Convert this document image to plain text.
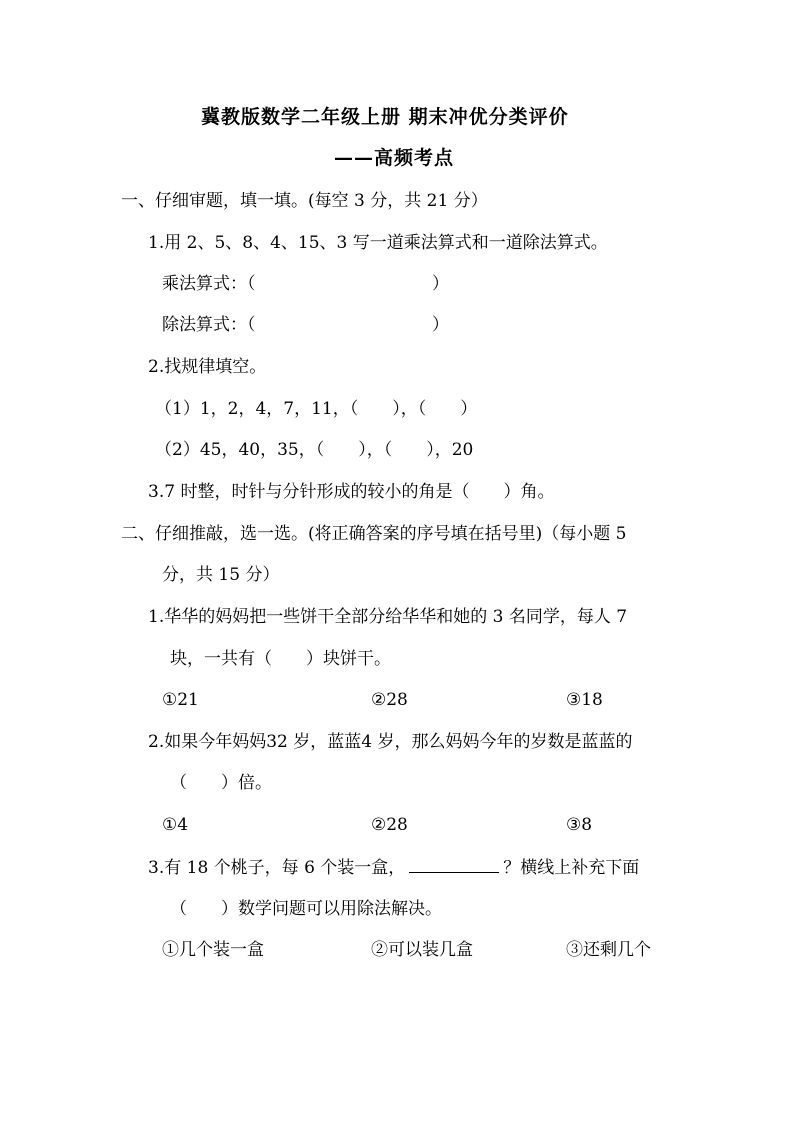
冀教版数学二年级上册 期末冲优分类评价
——高频考点
一、仔细审题，填一填。(每空 3 分，共 21 分）
1.用 2、5、8、4、15、3 写一道乘法算式和一道除法算式。
乘法算式：（	）
除法算式：（	）
2.找规律填空。
（1）1，2，4，7，11，（　　），（　　）
（2）45，40，35，（　　），（　　），20
3.7 时整，时针与分针形成的较小的角是（　　）角。
二、仔细推敲，选一选。(将正确答案的序号填在括号里)（每小题 5
分，共 15 分）
1.华华的妈妈把一些饼干全部分给华华和她的 3 名同学，每人 7
块，一共有（　　）块饼干。
①21	②28	③18
2.如果今年妈妈32 岁，蓝蓝4 岁，那么妈妈今年的岁数是蓝蓝的
（　　）倍。
①4	②28	③8
3.有 18 个桃子，每 6 个装一盒，	？横线上补充下面
（　　）数学问题可以用除法解决。
①几个装一盒	②可以装几盒	③还剩几个
